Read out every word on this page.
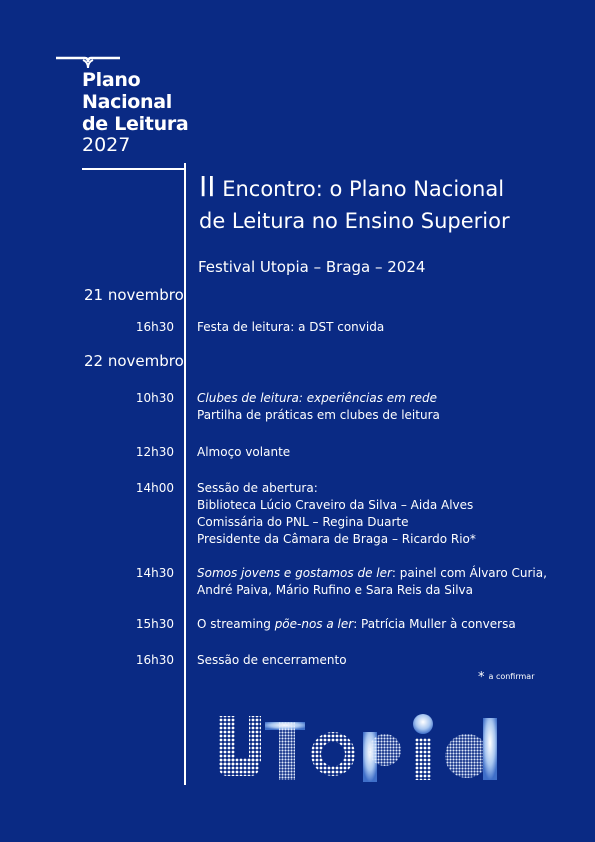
Plano
Nacional
de Leitura
2027
II Encontro: o Plano Nacional
de Leitura no Ensino Superior
Festival Utopia – Braga – 2024
21 novembro
16h30 Festa de leitura: a DST convida
22 novembro
10h30 Clubes de leitura: experiências em rede
Partilha de práticas em clubes de leitura
12h30 Almoço volante
14h00 Sessão de abertura:
Biblioteca Lúcio Craveiro da Silva – Aida Alves
Comissária do PNL – Regina Duarte
Presidente da Câmara de Braga – Ricardo Rio*
14h30 Somos jovens e gostamos de ler: painel com Álvaro Curia,
André Paiva, Mário Rufino e Sara Reis da Silva
15h30 O streaming põe-nos a ler: Patrícia Muller à conversa
16h30 Sessão de encerramento
* a confirmar
